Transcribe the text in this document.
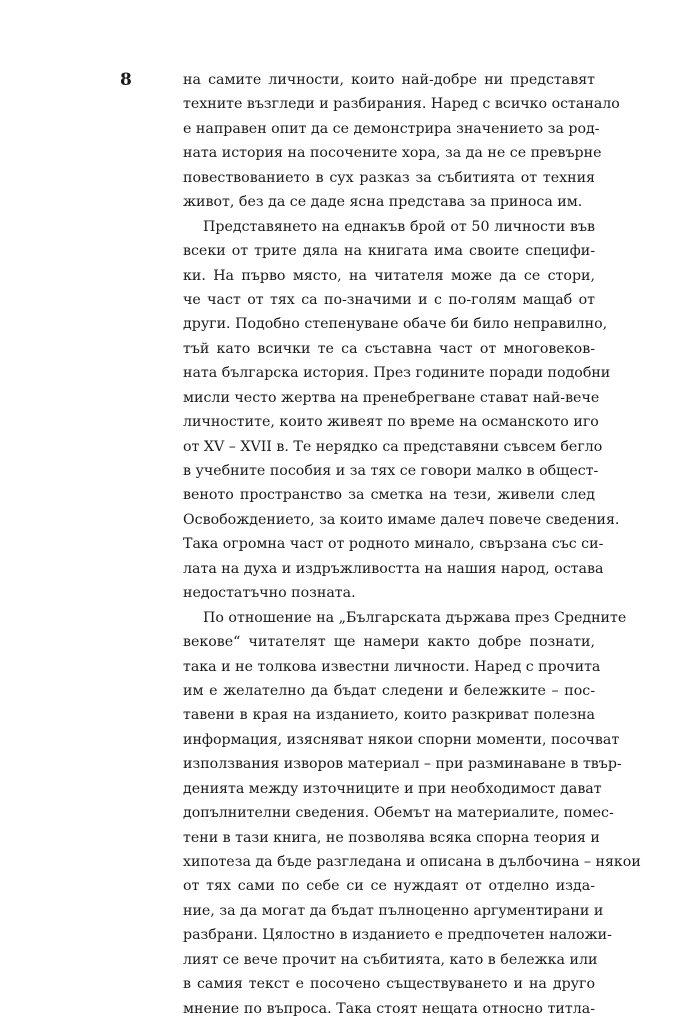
8	на самите личности, които най-добре ни представят
техните възгледи и разбирания. Наред с всичко останало
е направен опит да се демонстрира значението за род-
ната история на посочените хора, за да не се превърне
повествованието в сух разказ за събитията от техния
живот, без да се даде ясна представа за приноса им.
Представянето на еднакъв брой от 50 личности във
всеки от трите дяла на книгата има своите специфи-
ки. На първо място, на читателя може да се стори,
че част от тях са по-значими и с по-голям мащаб от
други. Подобно степенуване обаче би било неправилно,
тъй като всички те са съставна част от многовеков-
ната българска история. През годините поради подобни
мисли често жертва на пренебрегване стават най-вече
личностите, които живеят по време на османското иго
от XV – XVII в. Те нерядко са представяни съвсем бегло
в учебните пособия и за тях се говори малко в общест-
веното пространство за сметка на тези, живели след
Освобождението, за които имаме далеч повече сведения.
Така огромна част от родното минало, свързана със си-
лата на духа и издръжливостта на нашия народ, остава
недостатъчно позната.
По отношение на „Българската държава през Средните
векове“ читателят ще намери както добре познати,
така и не толкова известни личности. Наред с прочита
им е желателно да бъдат следени и бележките – пос-
тавени в края на изданието, които разкриват полезна
информация, изясняват някои спорни моменти, посочват
използвания изворов материал – при разминаване в твър-
денията между източниците и при необходимост дават
допълнителни сведения. Обемът на материалите, помес-
тени в тази книга, не позволява всяка спорна теория и
хипотеза да бъде разгледана и описана в дълбочина – някои
от тях сами по себе си се нуждаят от отделно изда-
ние, за да могат да бъдат пълноценно аргументирани и
разбрани. Цялостно в изданието е предпочетен наложи-
лият се вече прочит на събитията, като в бележка или
в самия текст е посочено съществуването и на друго
мнение по въпроса. Така стоят нещата относно титла-
